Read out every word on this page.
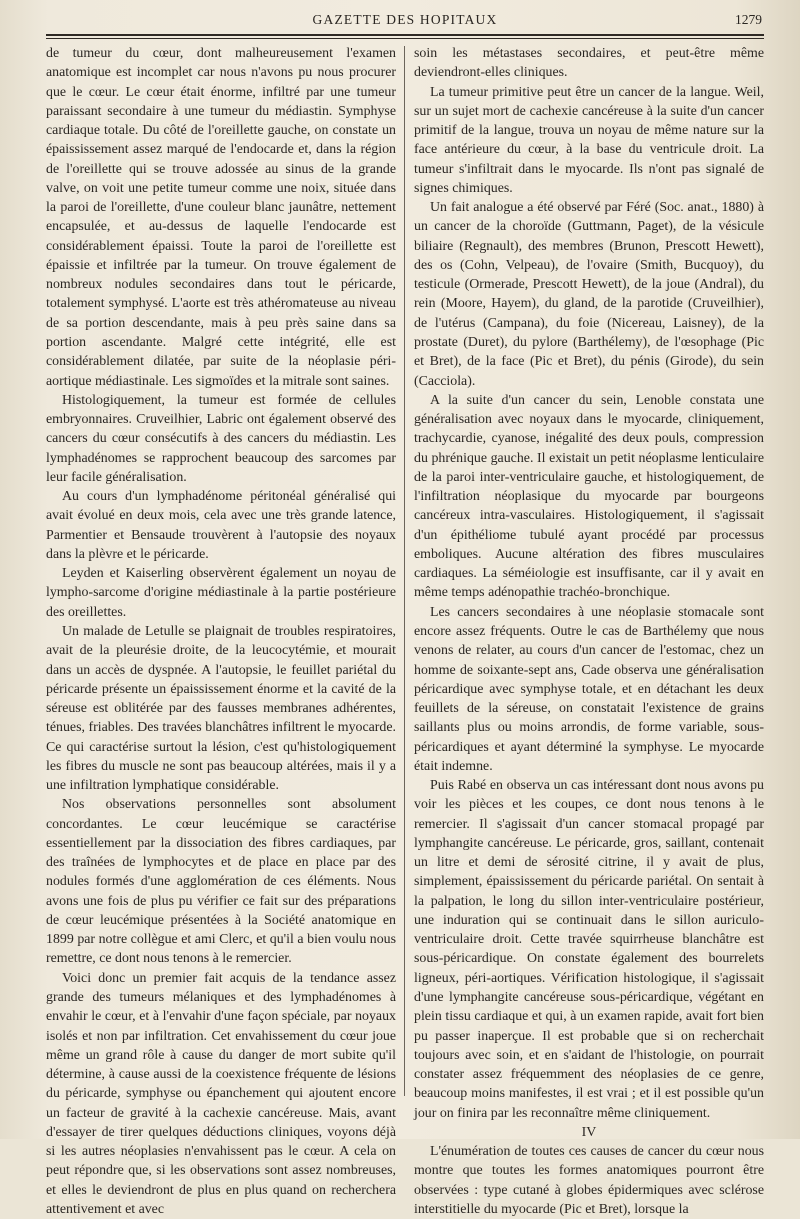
GAZETTE DES HOPITAUX	1279

de tumeur du cœur, dont malheureusement l'examen anatomique est incomplet car nous n'avons pu nous procurer que le cœur. Le cœur était énorme, infiltré par une tumeur paraissant secondaire à une tumeur du médiastin. Symphyse cardiaque totale. Du côté de l'oreillette gauche, on constate un épaississement assez marqué de l'endocarde et, dans la région de l'oreillette qui se trouve adossée au sinus de la grande valve, on voit une petite tumeur comme une noix, située dans la paroi de l'oreillette, d'une couleur blanc jaunâtre, nettement encapsulée, et au-dessus de laquelle l'endocarde est considérablement épaissi. Toute la paroi de l'oreillette est épaissie et infiltrée par la tumeur. On trouve également de nombreux nodules secondaires dans tout le péricarde, totalement symphysé. L'aorte est très athéromateuse au niveau de sa portion descendante, mais à peu près saine dans sa portion ascendante. Malgré cette intégrité, elle est considérablement dilatée, par suite de la néoplasie péri-aortique médiastinale. Les sigmoïdes et la mitrale sont saines.

Histologiquement, la tumeur est formée de cellules embryonnaires. Cruveilhier, Labric ont également observé des cancers du cœur consécutifs à des cancers du médiastin. Les lymphadénomes se rapprochent beaucoup des sarcomes par leur facile généralisation.

Au cours d'un lymphadénome péritonéal généralisé qui avait évolué en deux mois, cela avec une très grande latence, Parmentier et Bensaude trouvèrent à l'autopsie des noyaux dans la plèvre et le péricarde.

Leyden et Kaiserling observèrent également un noyau de lympho-sarcome d'origine médiastinale à la partie postérieure des oreillettes.

Un malade de Letulle se plaignait de troubles respiratoires, avait de la pleurésie droite, de la leucocytémie, et mourait dans un accès de dyspnée. A l'autopsie, le feuillet pariétal du péricarde présente un épaississement énorme et la cavité de la séreuse est oblitérée par des fausses membranes adhérentes, ténues, friables. Des travées blanchâtres infiltrent le myocarde. Ce qui caractérise surtout la lésion, c'est qu'histologiquement les fibres du muscle ne sont pas beaucoup altérées, mais il y a une infiltration lymphatique considérable.

Nos observations personnelles sont absolument concordantes. Le cœur leucémique se caractérise essentiellement par la dissociation des fibres cardiaques, par des traînées de lymphocytes et de place en place par des nodules formés d'une agglomération de ces éléments. Nous avons une fois de plus pu vérifier ce fait sur des préparations de cœur leucémique présentées à la Société anatomique en 1899 par notre collègue et ami Clerc, et qu'il a bien voulu nous remettre, ce dont nous tenons à le remercier.

Voici donc un premier fait acquis de la tendance assez grande des tumeurs mélaniques et des lymphadénomes à envahir le cœur, et à l'envahir d'une façon spéciale, par noyaux isolés et non par infiltration. Cet envahissement du cœur joue même un grand rôle à cause du danger de mort subite qu'il détermine, à cause aussi de la coexistence fréquente de lésions du péricarde, symphyse ou épanchement qui ajoutent encore un facteur de gravité à la cachexie cancéreuse. Mais, avant d'essayer de tirer quelques déductions cliniques, voyons déjà si les autres néoplasies n'envahissent pas le cœur. A cela on peut répondre que, si les observations sont assez nombreuses, et elles le deviendront de plus en plus quand on recherchera attentivement et avec

soin les métastases secondaires, et peut-être même deviendront-elles cliniques.

La tumeur primitive peut être un cancer de la langue. Weil, sur un sujet mort de cachexie cancéreuse à la suite d'un cancer primitif de la langue, trouva un noyau de même nature sur la face antérieure du cœur, à la base du ventricule droit. La tumeur s'infiltrait dans le myocarde. Ils n'ont pas signalé de signes chimiques.

Un fait analogue a été observé par Féré (Soc. anat., 1880) à un cancer de la choroïde (Guttmann, Paget), de la vésicule biliaire (Regnault), des membres (Brunon, Prescott Hewett), des os (Cohn, Velpeau), de l'ovaire (Smith, Bucquoy), du testicule (Ormerade, Prescott Hewett), de la joue (Andral), du rein (Moore, Hayem), du gland, de la parotide (Cruveilhier), de l'utérus (Campana), du foie (Nicereau, Laisney), de la prostate (Duret), du pylore (Barthélemy), de l'œsophage (Pic et Bret), de la face (Pic et Bret), du pénis (Girode), du sein (Cacciola).

A la suite d'un cancer du sein, Lenoble constata une généralisation avec noyaux dans le myocarde, cliniquement, trachycardie, cyanose, inégalité des deux pouls, compression du phrénique gauche. Il existait un petit néoplasme lenticulaire de la paroi inter-ventriculaire gauche, et histologiquement, de l'infiltration néoplasique du myocarde par bourgeons cancéreux intra-vasculaires. Histologiquement, il s'agissait d'un épithéliome tubulé ayant procédé par processus emboliques. Aucune altération des fibres musculaires cardiaques. La séméiologie est insuffisante, car il y avait en même temps adénopathie trachéo-bronchique.

Les cancers secondaires à une néoplasie stomacale sont encore assez fréquents. Outre le cas de Barthélemy que nous venons de relater, au cours d'un cancer de l'estomac, chez un homme de soixante-sept ans, Cade observa une généralisation péricardique avec symphyse totale, et en détachant les deux feuillets de la séreuse, on constatait l'existence de grains saillants plus ou moins arrondis, de forme variable, sous-péricardiques et ayant déterminé la symphyse. Le myocarde était indemne.

Puis Rabé en observa un cas intéressant dont nous avons pu voir les pièces et les coupes, ce dont nous tenons à le remercier. Il s'agissait d'un cancer stomacal propagé par lymphangite cancéreuse. Le péricarde, gros, saillant, contenait un litre et demi de sérosité citrine, il y avait de plus, simplement, épaississement du péricarde pariétal. On sentait à la palpation, le long du sillon inter-ventriculaire postérieur, une induration qui se continuait dans le sillon auriculo-ventriculaire droit. Cette travée squirrheuse blanchâtre est sous-péricardique. On constate également des bourrelets ligneux, péri-aortiques. Vérification histologique, il s'agissait d'une lymphangite cancéreuse sous-péricardique, végétant en plein tissu cardiaque et qui, à un examen rapide, avait fort bien pu passer inaperçue. Il est probable que si on recherchait toujours avec soin, et en s'aidant de l'histologie, on pourrait constater assez fréquemment des néoplasies de ce genre, beaucoup moins manifestes, il est vrai ; et il est possible qu'un jour on finira par les reconnaître même cliniquement.

IV

L'énumération de toutes ces causes de cancer du cœur nous montre que toutes les formes anatomiques pourront être observées : type cutané à globes épidermiques avec sclérose interstitielle du myocarde (Pic et Bret), lorsque la
